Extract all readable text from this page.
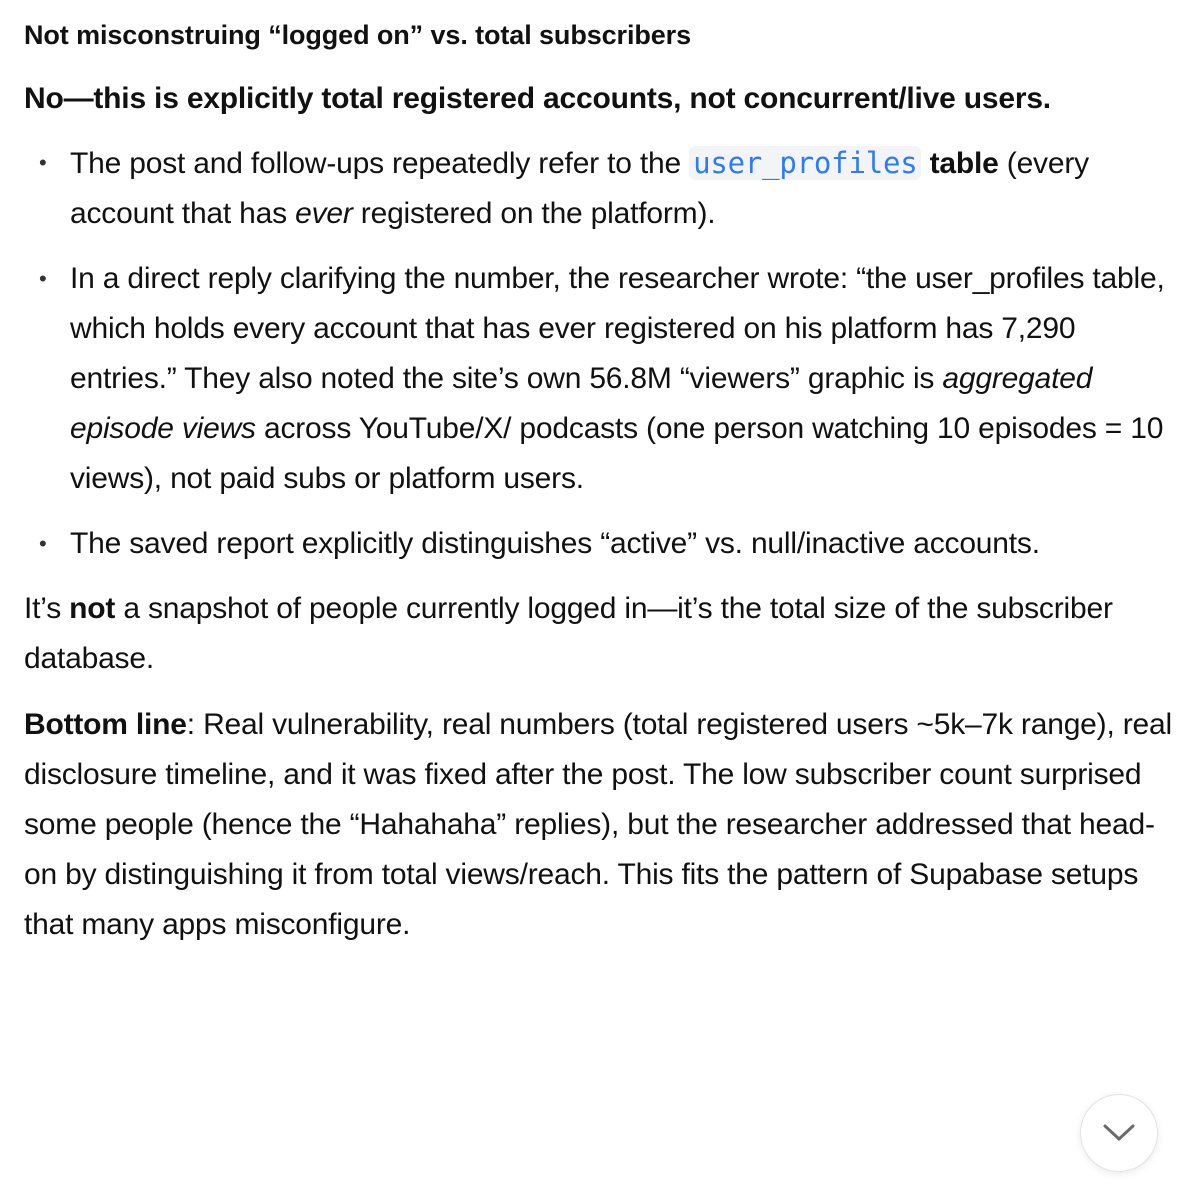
Not misconstruing “logged on” vs. total subscribers

No—this is explicitly total registered accounts, not concurrent/live users.

• The post and follow-ups repeatedly refer to the user_profiles table (every account that has ever registered on the platform).
• In a direct reply clarifying the number, the researcher wrote: “the user_profiles table, which holds every account that has ever registered on his platform has 7,290 entries.” They also noted the site’s own 56.8M “viewers” graphic is aggregated episode views across YouTube/X/ podcasts (one person watching 10 episodes = 10 views), not paid subs or platform users.
• The saved report explicitly distinguishes “active” vs. null/inactive accounts.

It’s not a snapshot of people currently logged in—it’s the total size of the subscriber database.

Bottom line: Real vulnerability, real numbers (total registered users ~5k–7k range), real disclosure timeline, and it was fixed after the post. The low subscriber count surprised some people (hence the “Hahahaha” replies), but the researcher addressed that head-on by distinguishing it from total views/reach. This fits the pattern of Supabase setups that many apps misconfigure.
